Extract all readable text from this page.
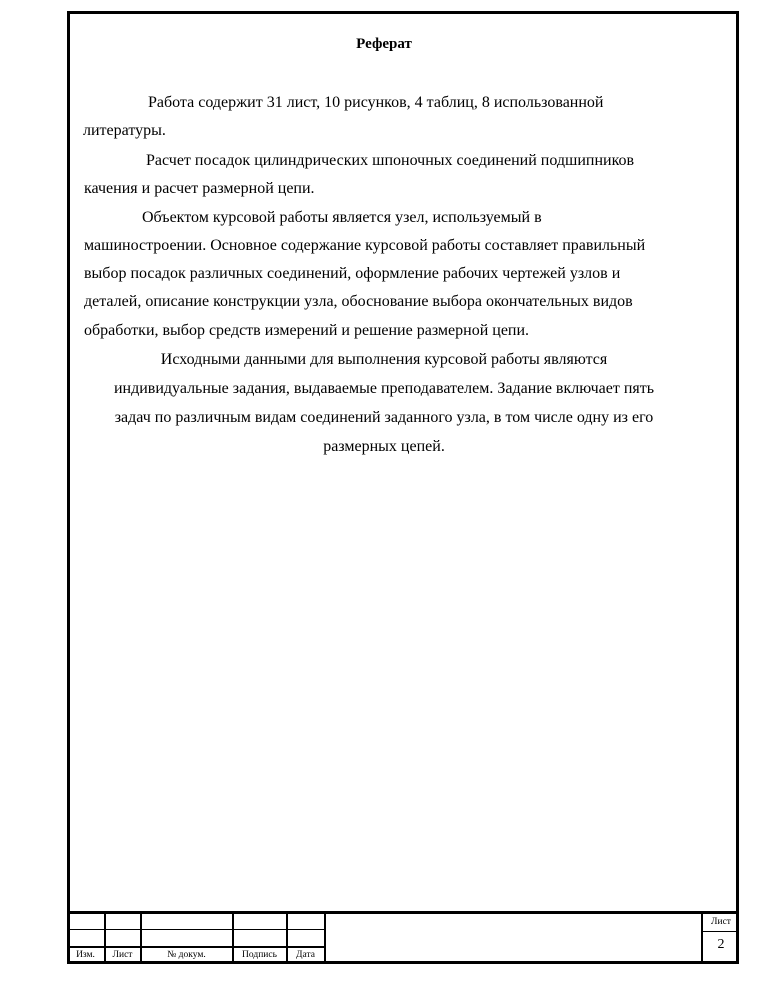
Реферат
Работа содержит 31 лист, 10 рисунков, 4 таблиц, 8 использованной
литературы.
Расчет посадок цилиндрических шпоночных соединений подшипников
качения и расчет размерной цепи.
Объектом курсовой работы является узел, используемый в
машиностроении. Основное содержание курсовой работы составляет правильный
выбор посадок различных соединений, оформление рабочих чертежей узлов и
деталей, описание конструкции узла, обоснование выбора окончательных видов
обработки, выбор средств измерений и решение размерной цепи.
Исходными данными для выполнения курсовой работы являются
индивидуальные задания, выдаваемые преподавателем. Задание включает пять
задач по различным видам соединений заданного узла, в том числе одну из его
размерных цепей.
Изм.	Лист	№ докум.	Подпись	Дата
Лист
2
